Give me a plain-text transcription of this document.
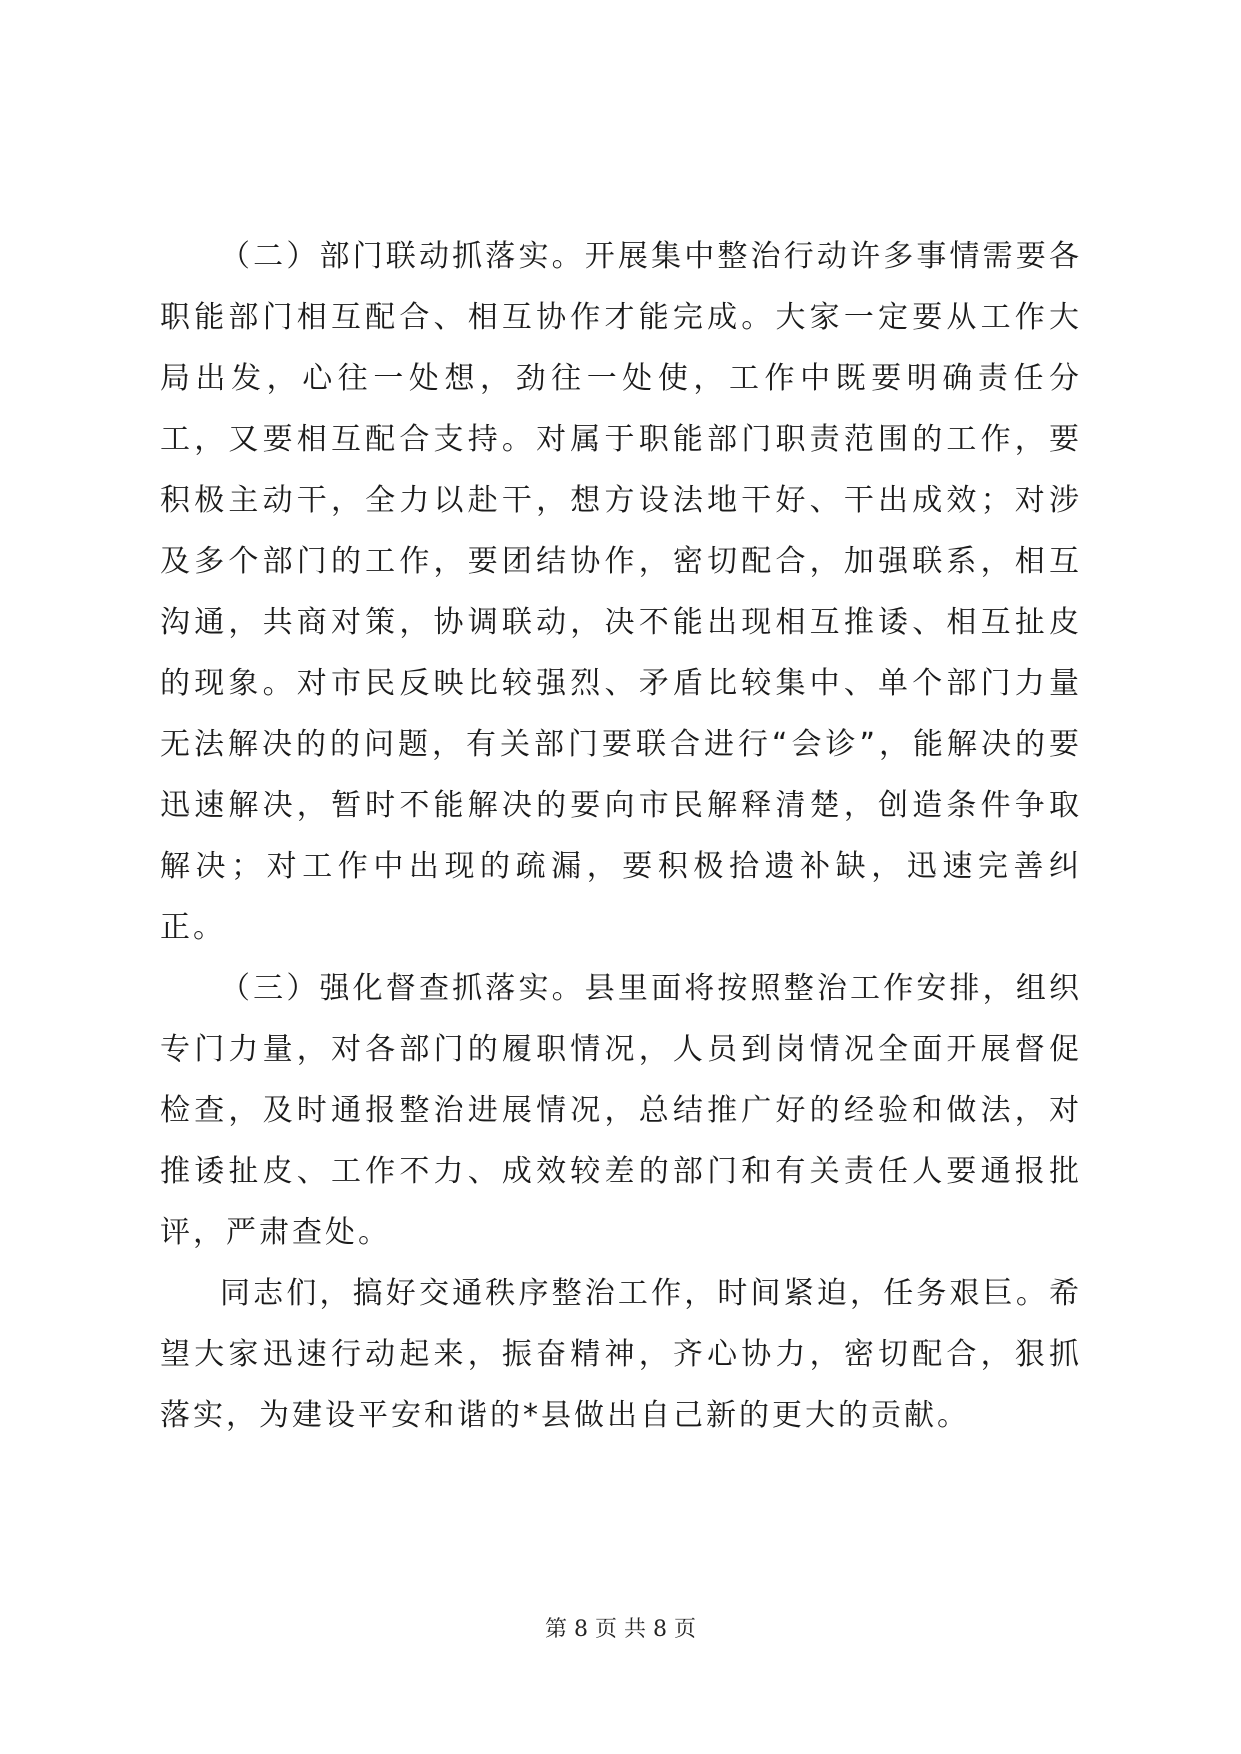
（二）部门联动抓落实。开展集中整治行动许多事情需要各职能部门相互配合、相互协作才能完成。大家一定要从工作大局出发，心往一处想，劲往一处使，工作中既要明确责任分工，又要相互配合支持。对属于职能部门职责范围的工作，要积极主动干，全力以赴干，想方设法地干好、干出成效；对涉及多个部门的工作，要团结协作，密切配合，加强联系，相互沟通，共商对策，协调联动，决不能出现相互推诿、相互扯皮的现象。对市民反映比较强烈、矛盾比较集中、单个部门力量无法解决的的问题，有关部门要联合进行“会诊”，能解决的要迅速解决，暂时不能解决的要向市民解释清楚，创造条件争取解决；对工作中出现的疏漏，要积极拾遗补缺，迅速完善纠正。

（三）强化督查抓落实。县里面将按照整治工作安排，组织专门力量，对各部门的履职情况，人员到岗情况全面开展督促检查，及时通报整治进展情况，总结推广好的经验和做法，对推诿扯皮、工作不力、成效较差的部门和有关责任人要通报批评，严肃查处。

同志们，搞好交通秩序整治工作，时间紧迫，任务艰巨。希望大家迅速行动起来，振奋精神，齐心协力，密切配合，狠抓落实，为建设平安和谐的*县做出自己新的更大的贡献。

第 8 页 共 8 页
